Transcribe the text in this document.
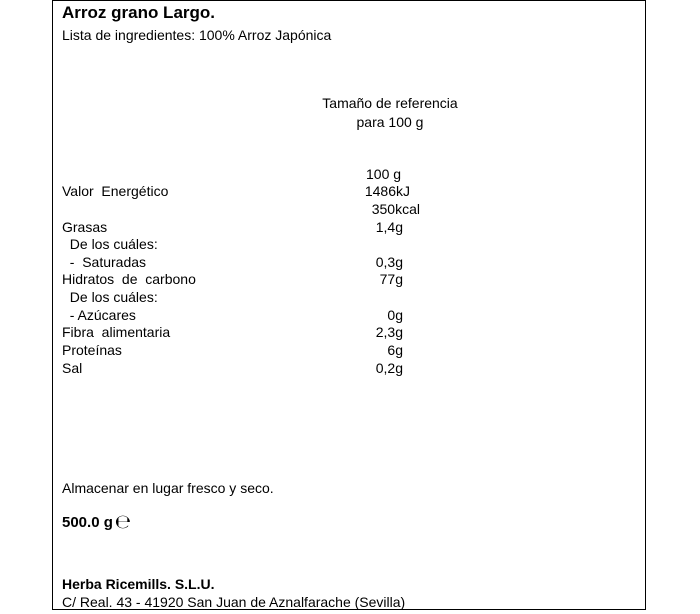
Arroz grano Largo.
Lista de ingredientes: 100% Arroz Japónica
Tamaño de referencia
para 100 g
100 g
Valor  Energético	1486kJ
350kcal
Grasas	1,4g
De los cuáles:
-  Saturadas	0,3g
Hidratos  de  carbono	77g
De los cuáles:
- Azúcares	0g
Fibra  alimentaria	2,3g
Proteínas	6g
Sal	0,2g
Almacenar en lugar fresco y seco.
500.0 g ℮
Herba Ricemills. S.L.U.
C/ Real. 43 - 41920 San Juan de Aznalfarache (Sevilla)
